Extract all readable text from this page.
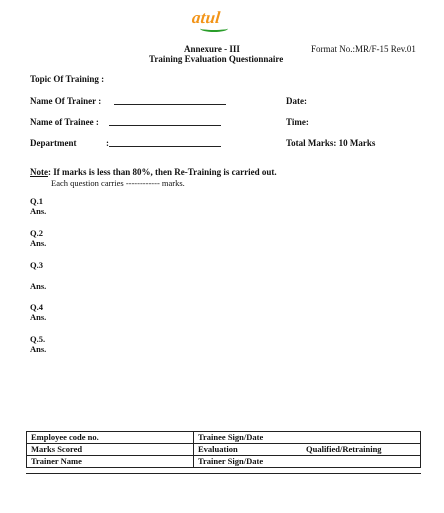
atul
Annexure - III
Training Evaluation Questionnaire
Format No.:MR/F-15 Rev.01
Topic Of Training :
Name Of Trainer :
Name of Trainee :
Department	:
Date:
Time:
Total Marks: 10 Marks
Note: If marks is less than 80%, then Re-Training is carried out.
Each question carries ------------ marks.
Q.1
Ans.
Q.2
Ans.
Q.3
Ans.
Q.4
Ans.
Q.5.
Ans.
Employee code no.	Trainee Sign/Date	
Marks Scored	Evaluation	Qualified/Retraining
Trainer Name	Trainer Sign/Date	
